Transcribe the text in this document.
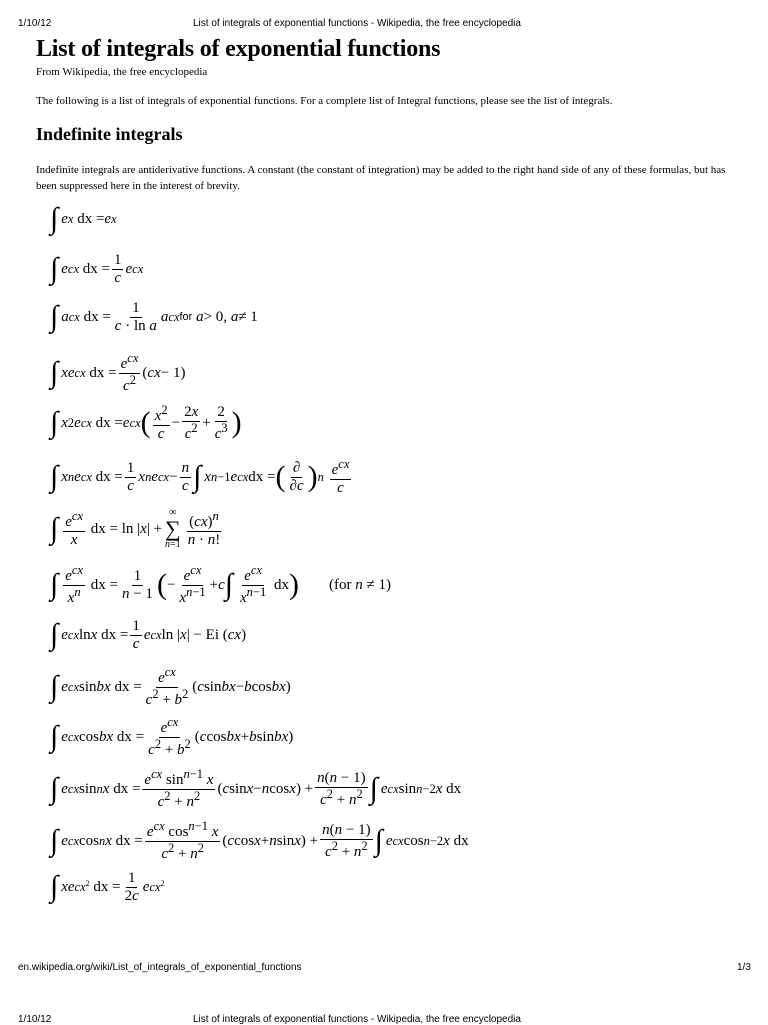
1/10/12	List of integrals of exponential functions - Wikipedia, the free encyclopedia
List of integrals of exponential functions
From Wikipedia, the free encyclopedia
The following is a list of integrals of exponential functions. For a complete list of Integral functions, please see the list of integrals.
Indefinite integrals

Indefinite integrals are antiderivative functions. A constant (the constant of integration) may be added to the right hand side of any of these formulas, but has been suppressed here in the interest of brevity.

∫ e x dx = e x
∫ e cx dx = $\frac{1}{c}$ e cx
∫ a cx dx = $\frac{1}{\text{c · ln a}}$ a cx for
a > 0, a ≠ 1
∫ xe cx dx = $\frac{e^{cx}}{c^2}$ ( cx − 1)
∫ x 2 e cx dx = e cx ( $\frac{x^2}{c} - \frac{2x}{c^2} + \frac{2}{c^3}$ )
∫ x n e cx dx = $\frac{1}{c}$ x n e cx − $\frac{n}{c}$ ∫ x n−1 e cx dx = ( $\frac{\partial}{\partial c}$ ) n
$\frac{e^{cx}}{c}$
∫ $\frac{e^{cx}}{x}$ dx = ln | x | +
∞
∑
$n=1 \frac{(cx)^n}{n \cdot n!}$
∫ $\frac{e^{cx}}{x^n}$ dx = $\frac{1}{n - 1}$ ( − $\frac{e^{cx}}{x^{n-1}} + c$ ∫ $\frac{e^{cx}}{x^{n-1}}$ dx ) (for n ≠ 1)
∫ e cx ln x dx = $\frac{1}{c}$ e cx ln | x | − Ei ( cx )
∫ e cx sin bx dx = $\frac{e^{cx}}{c^2 + b^2}$ ( c sin bx − b cos bx )
∫ e cx cos bx dx = $\frac{e^{cx}}{c^2 + b^2}$ ( c cos bx + b sin bx )
∫ e cx sin n x dx = $\frac{e^{cx} \sin^{n-1} x}{c^2 + n^2}$ ( c sin x − n cos x ) + $\frac{n(n - 1)}{c^2 + n^2}$ ∫ e cx sin n−2 x dx
∫ e cx cos n x dx = $\frac{e^{cx} \cos^{n-1} x}{c^2 + n^2}$ ( c cos x + n sin x ) + $\frac{n(n - 1)}{c^2 + n^2}$ ∫ e cx cos n−2 x dx
∫ xe $cx^2$ dx = $\frac{1}{2c}$ e $cx^2$
en.wikipedia.org/wiki/List_of_integrals_of_exponential_functions	1/3
1/10/12	List of integrals of exponential functions - Wikipedia, the free encyclopedia
